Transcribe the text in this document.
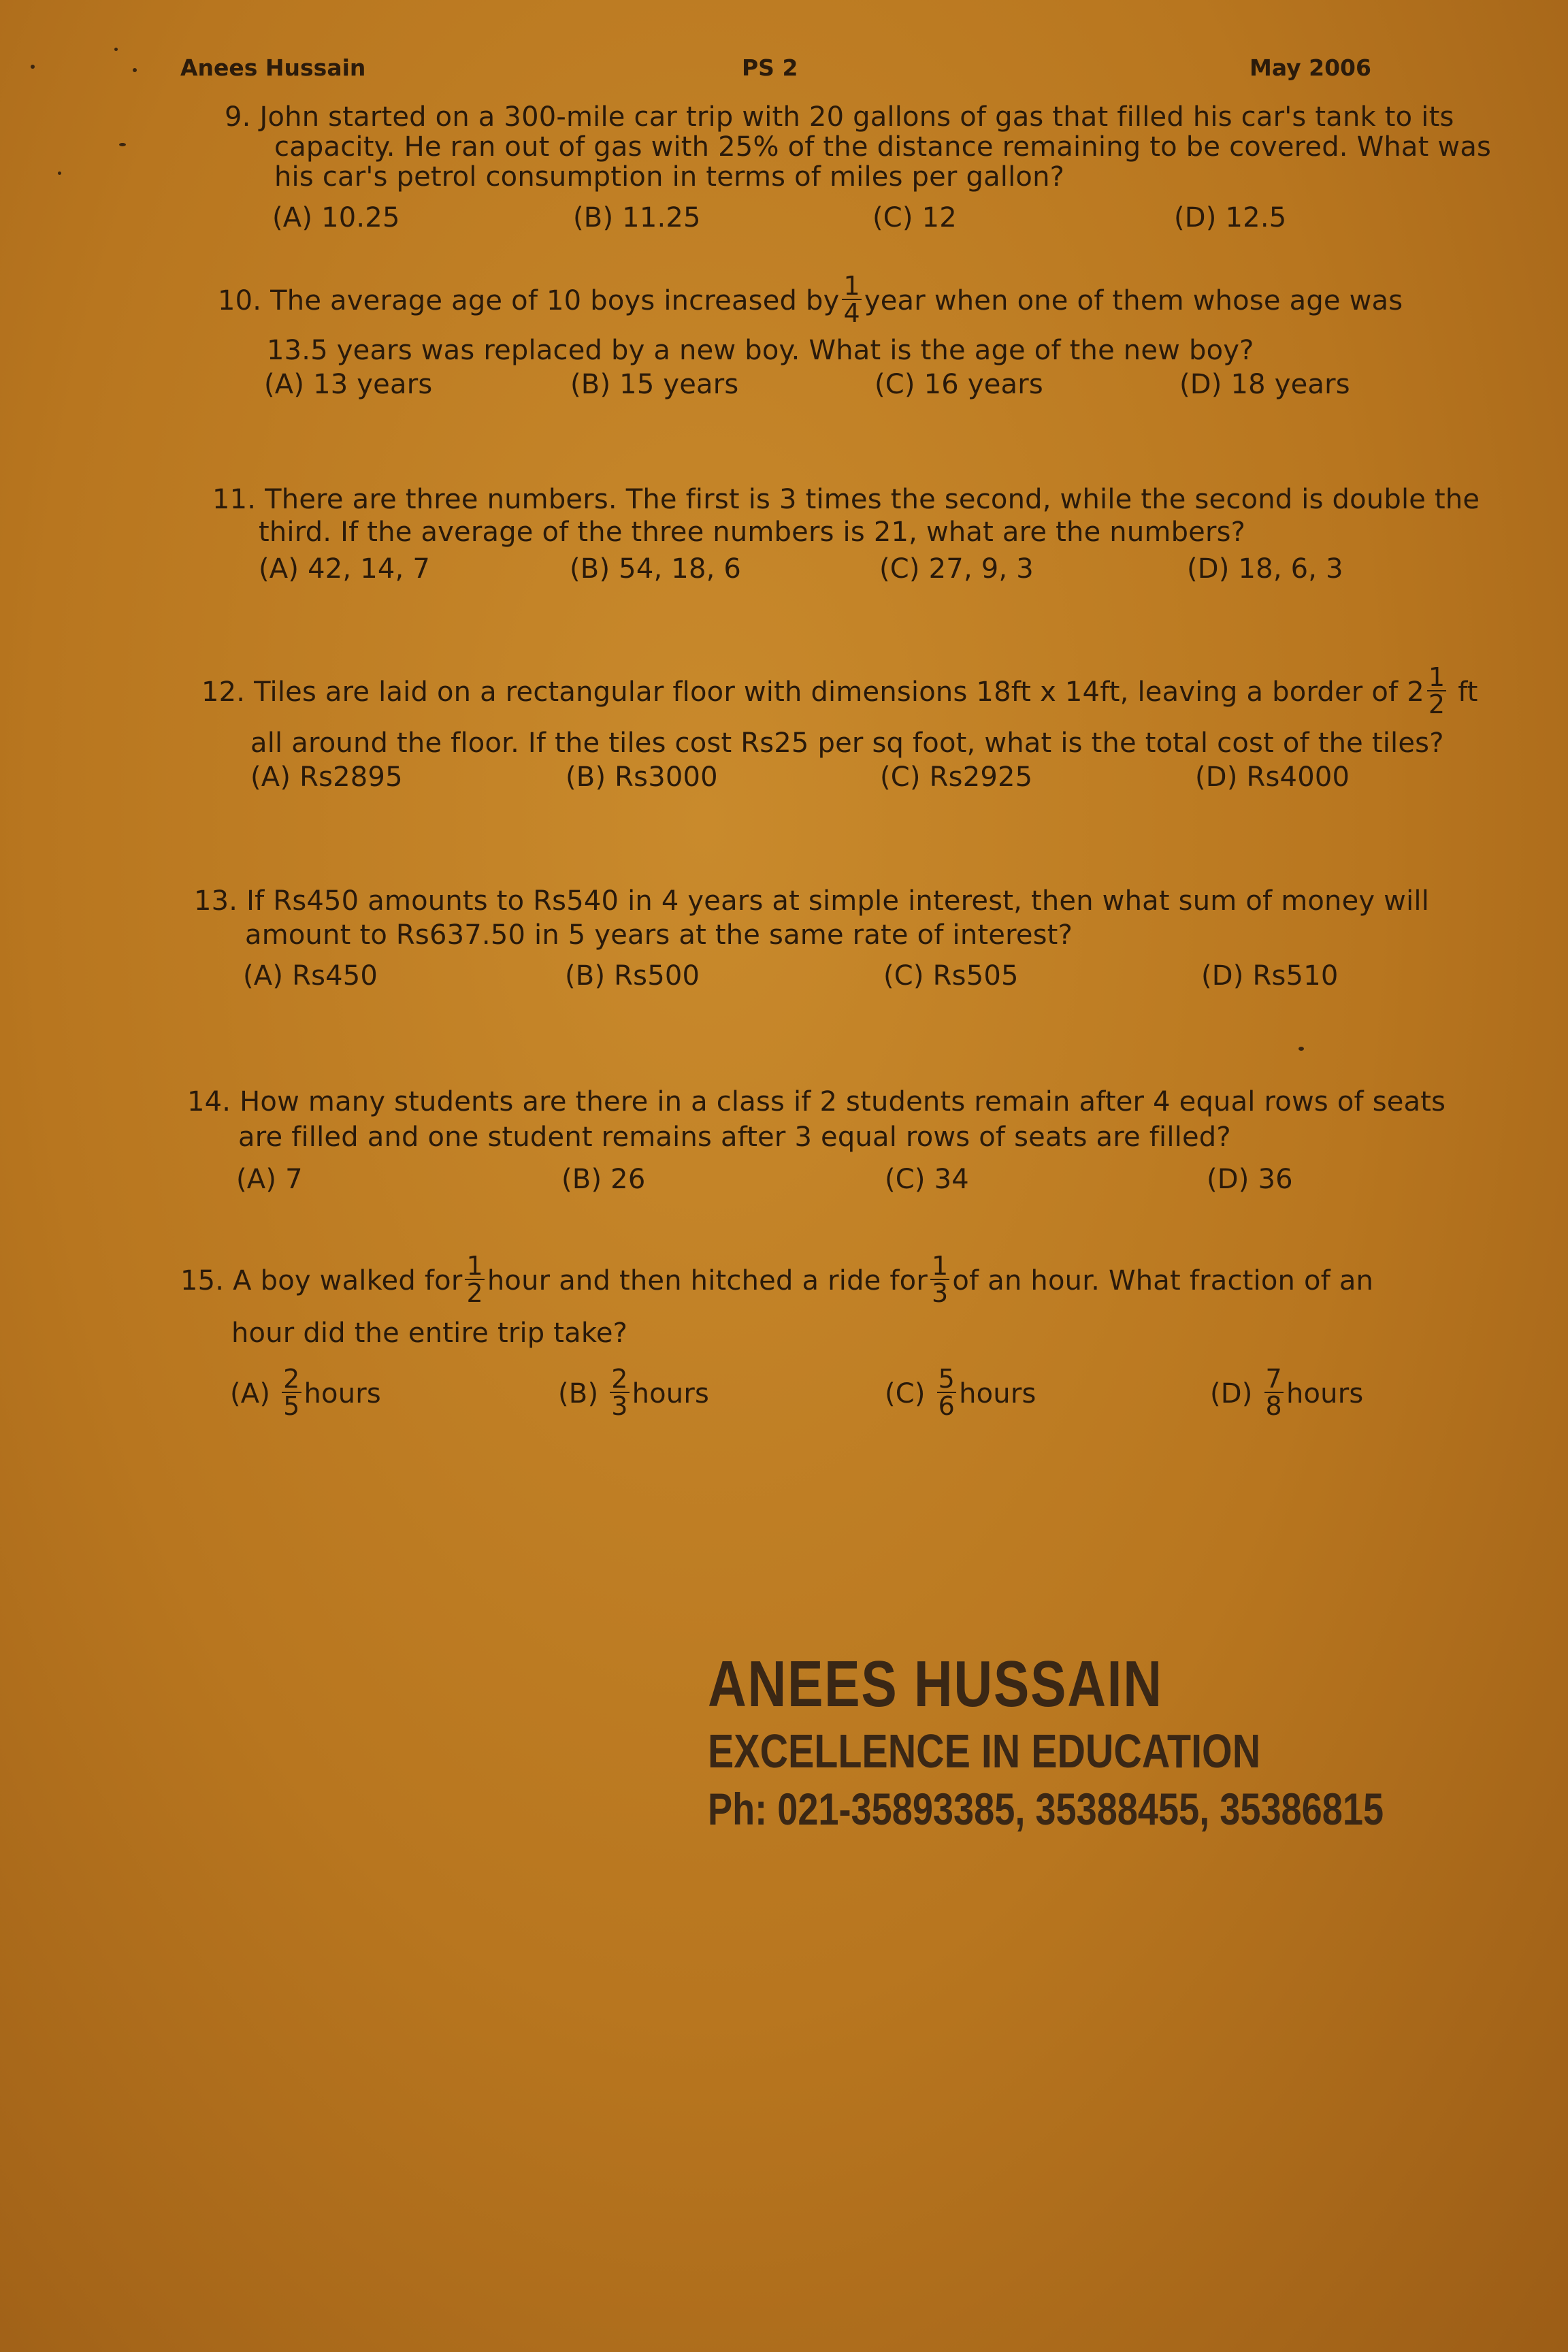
Anees Hussain	PS 2	May 2006
9. John started on a 300-mile car trip with 20 gallons of gas that filled his car's tank to its
capacity. He ran out of gas with 25% of the distance remaining to be covered. What was
his car's petrol consumption in terms of miles per gallon?
(A) 10.25	(B) 11.25	(C) 12	(D) 12.5
10. The average age of 10 boys increased by $\frac{1}{4}$ year when one of them whose age was
13.5 years was replaced by a new boy. What is the age of the new boy?
(A) 13 years	(B) 15 years	(C) 16 years	(D) 18 years
11. There are three numbers. The first is 3 times the second, while the second is double the
third. If the average of the three numbers is 21, what are the numbers?
(A) 42, 14, 7	(B) 54, 18, 6	(C) 27, 9, 3	(D) 18, 6, 3
12. Tiles are laid on a rectangular floor with dimensions 18ft x 14ft, leaving a border of $2 \frac{1}{2}$ ft
all around the floor. If the tiles cost Rs25 per sq foot, what is the total cost of the tiles?
(A) Rs2895	(B) Rs3000	(C) Rs2925	(D) Rs4000
13. If Rs450 amounts to Rs540 in 4 years at simple interest, then what sum of money will
amount to Rs637.50 in 5 years at the same rate of interest?
(A) Rs450	(B) Rs500	(C) Rs505	(D) Rs510
14. How many students are there in a class if 2 students remain after 4 equal rows of seats
are filled and one student remains after 3 equal rows of seats are filled?
(A) 7	(B) 26	(C) 34	(D) 36
15. A boy walked for $\frac{1}{2}$ hour and then hitched a ride for $\frac{1}{3}$ of an hour. What fraction of an
hour did the entire trip take?
$(A) \frac{2}{5}$ hours	$(B) \frac{2}{3}$ hours	$(C) \frac{5}{6}$ hours	$(D) \frac{7}{8}$ hours
ANEES HUSSAIN
EXCELLENCE IN EDUCATION
Ph: 021-35893385, 35388455, 35386815
